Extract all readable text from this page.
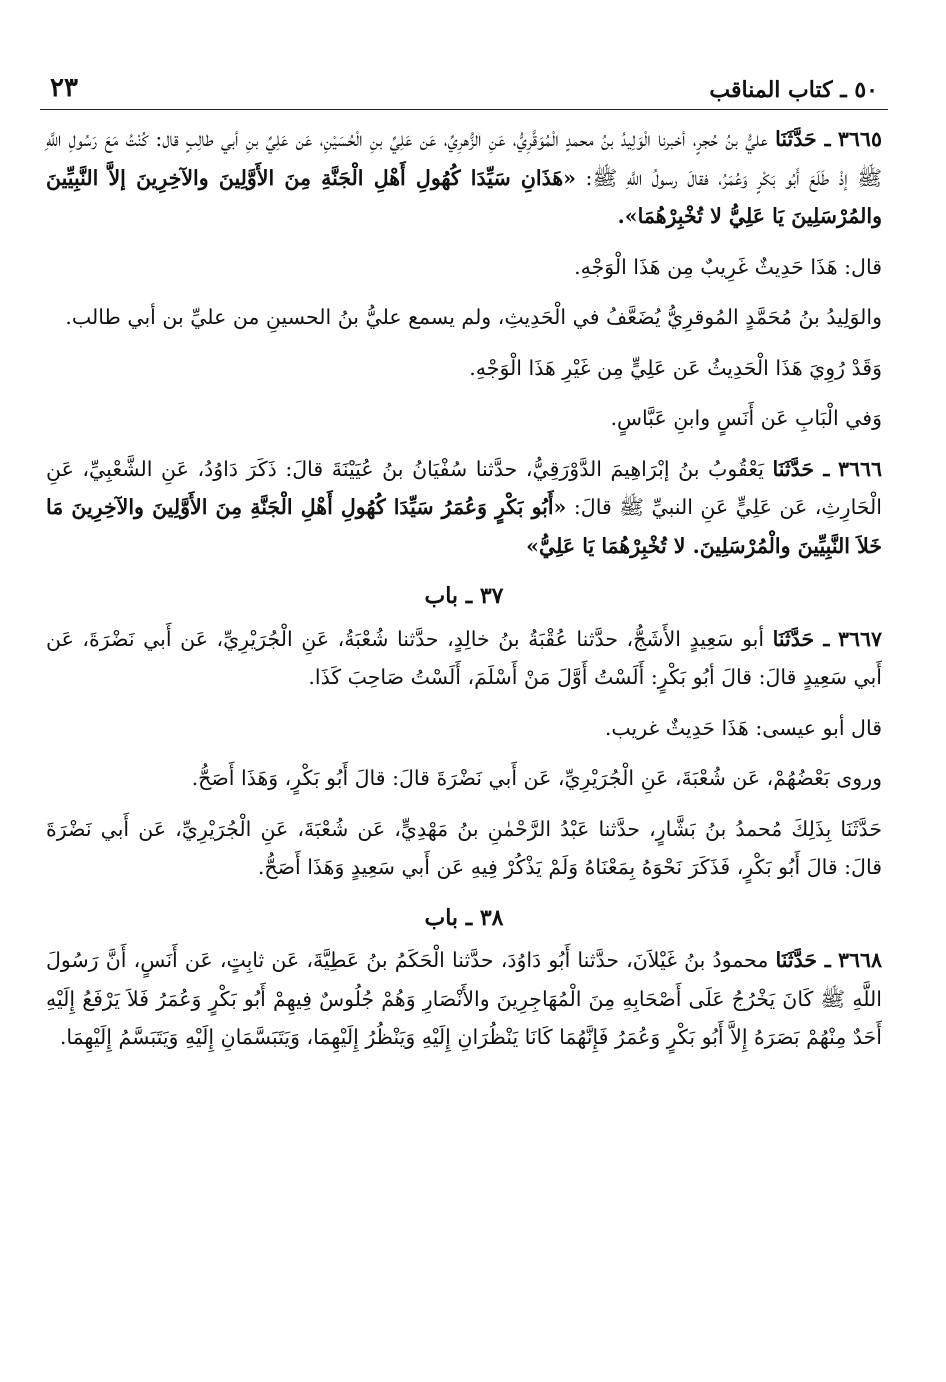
٥٠ ـ كتاب المناقب
٢٣

٣٦٦٥ ـ حَدَّثَنَا عليُّ بنُ حُجرٍ، أخبرنا الْوَلِيدُ بنُ محمدٍ الْمُوَقَّرِيُّ، عَنِ الزُّهرِيِّ، عَن عَلِيِّ بنِ الْحُسَيْنِ، عَن عَلِيِّ بنِ أبي طالِبٍ قال: كُنْتُ مَعَ رَسُولِ اللَّهِ ﷺ إذْ طَلَعَ أَبُو بَكْرٍ وَعُمَرُ، فقالَ رسولُ اللَّهِ ﷺ: «هَذَانِ سَيِّدَا كُهُولِ أَهْلِ الْجَنَّةِ مِنَ الأَوَّلِينَ والآخِرِينَ إلاَّ النَّبِيِّينَ والمُرْسَلِينَ يَا عَلِيُّ لا تُخْبِرْهُمَا».

قال: هَذَا حَدِيثٌ غَرِيبٌ مِن هَذَا الْوَجْهِ.

والوَلِيدُ بنُ مُحَمَّدٍ المُوقرِيُّ يُضَعَّفُ في الْحَدِيثِ، ولم يسمع عليُّ بنُ الحسينِ من عليِّ بن أبي طالب.

وَقَدْ رُوِيَ هَذَا الْحَدِيثُ عَن عَلِيٍّ مِن غَيْرِ هَذَا الْوَجْهِ.

وَفي الْبَابِ عَن أَنَسٍ وابنِ عَبَّاسٍ.

٣٦٦٦ ـ حَدَّثَنَا يَعْقُوبُ بنُ إبْرَاهِيمَ الدَّوْرَقِيُّ، حدَّثنا سُفْيَانُ بنُ عُيَيْنَةَ قالَ: ذَكَرَ دَاوُدُ، عَنِ الشَّعْبِيِّ، عَنِ الْحَارِثِ، عَن عَلِيٍّ عَنِ النبيِّ ﷺ قالَ: «أَبُو بَكْرٍ وَعُمَرُ سَيِّدَا كُهُولِ أَهْلِ الْجَنَّةِ مِنَ الأَوَّلِينَ والآخِرِينَ مَا خَلاَ النَّبِيِّينَ والْمُرْسَلِينَ. لا تُخْبِرْهُمَا يَا عَلِيُّ»

٣٧ ـ باب

٣٦٦٧ ـ حَدَّثَنَا أبو سَعِيدٍ الأَشَجُّ، حدَّثنا عُقْبَةُ بنُ خالِدٍ، حدَّثنا شُعْبَةُ، عَنِ الْجُرَيْرِيِّ، عَن أَبي نَضْرَةَ، عَن أَبي سَعِيدٍ قالَ: قالَ أبُو بَكْرٍ: أَلَسْتُ أَوَّلَ مَنْ أَسْلَمَ، أَلَسْتُ صَاحِبَ كَذَا.

قال أبو عيسى: هَذَا حَدِيثٌ غريب.

وروى بَعْضُهُمْ، عَن شُعْبَةَ، عَنِ الْجُرَيْرِيِّ، عَن أَبي نَضْرَةَ قالَ: قالَ أَبُو بَكْرٍ، وَهَذَا أَصَحُّ.

حَدَّثَنَا بِذَلِكَ مُحمدُ بنُ بَشَّارٍ، حدَّثنا عَبْدُ الرَّحْمٰنِ بنُ مَهْدِيٍّ، عَن شُعْبَةَ، عَنِ الْجُرَيْرِيِّ، عَن أَبي نَضْرَةَ قالَ: قالَ أَبُو بَكْرٍ، فَذَكَرَ نَحْوَهُ بِمَعْنَاهُ وَلَمْ يَذْكُرْ فِيهِ عَن أَبي سَعِيدٍ وَهَذَا أَصَحُّ.

٣٨ ـ باب

٣٦٦٨ ـ حَدَّثَنَا محمودُ بنُ غَيْلاَنَ، حدَّثنا أَبُو دَاوُدَ، حدَّثنا الْحَكَمُ بنُ عَطِيَّةَ، عَن ثابِتٍ، عَن أَنَسٍ، أَنَّ رَسُولَ اللَّهِ ﷺ كَانَ يَخْرُجُ عَلَى أَصْحَابِهِ مِنَ الْمُهَاجِرِينَ والأَنْصَارِ وَهُمْ جُلُوسٌ فِيهِمْ أَبُو بَكْرٍ وَعُمَرُ فَلاَ يَرْفَعُ إِلَيْهِ أَحَدٌ مِنْهُمْ بَصَرَهُ إِلاَّ أَبُو بَكْرٍ وَعُمَرُ فَإِنَّهُمَا كَانَا يَنْظُرَانِ إِلَيْهِ وَيَنْظُرُ إِلَيْهِمَا، وَيَتَبَسَّمَانِ إِلَيْهِ وَيَتَبَسَّمُ إِلَيْهِمَا.
